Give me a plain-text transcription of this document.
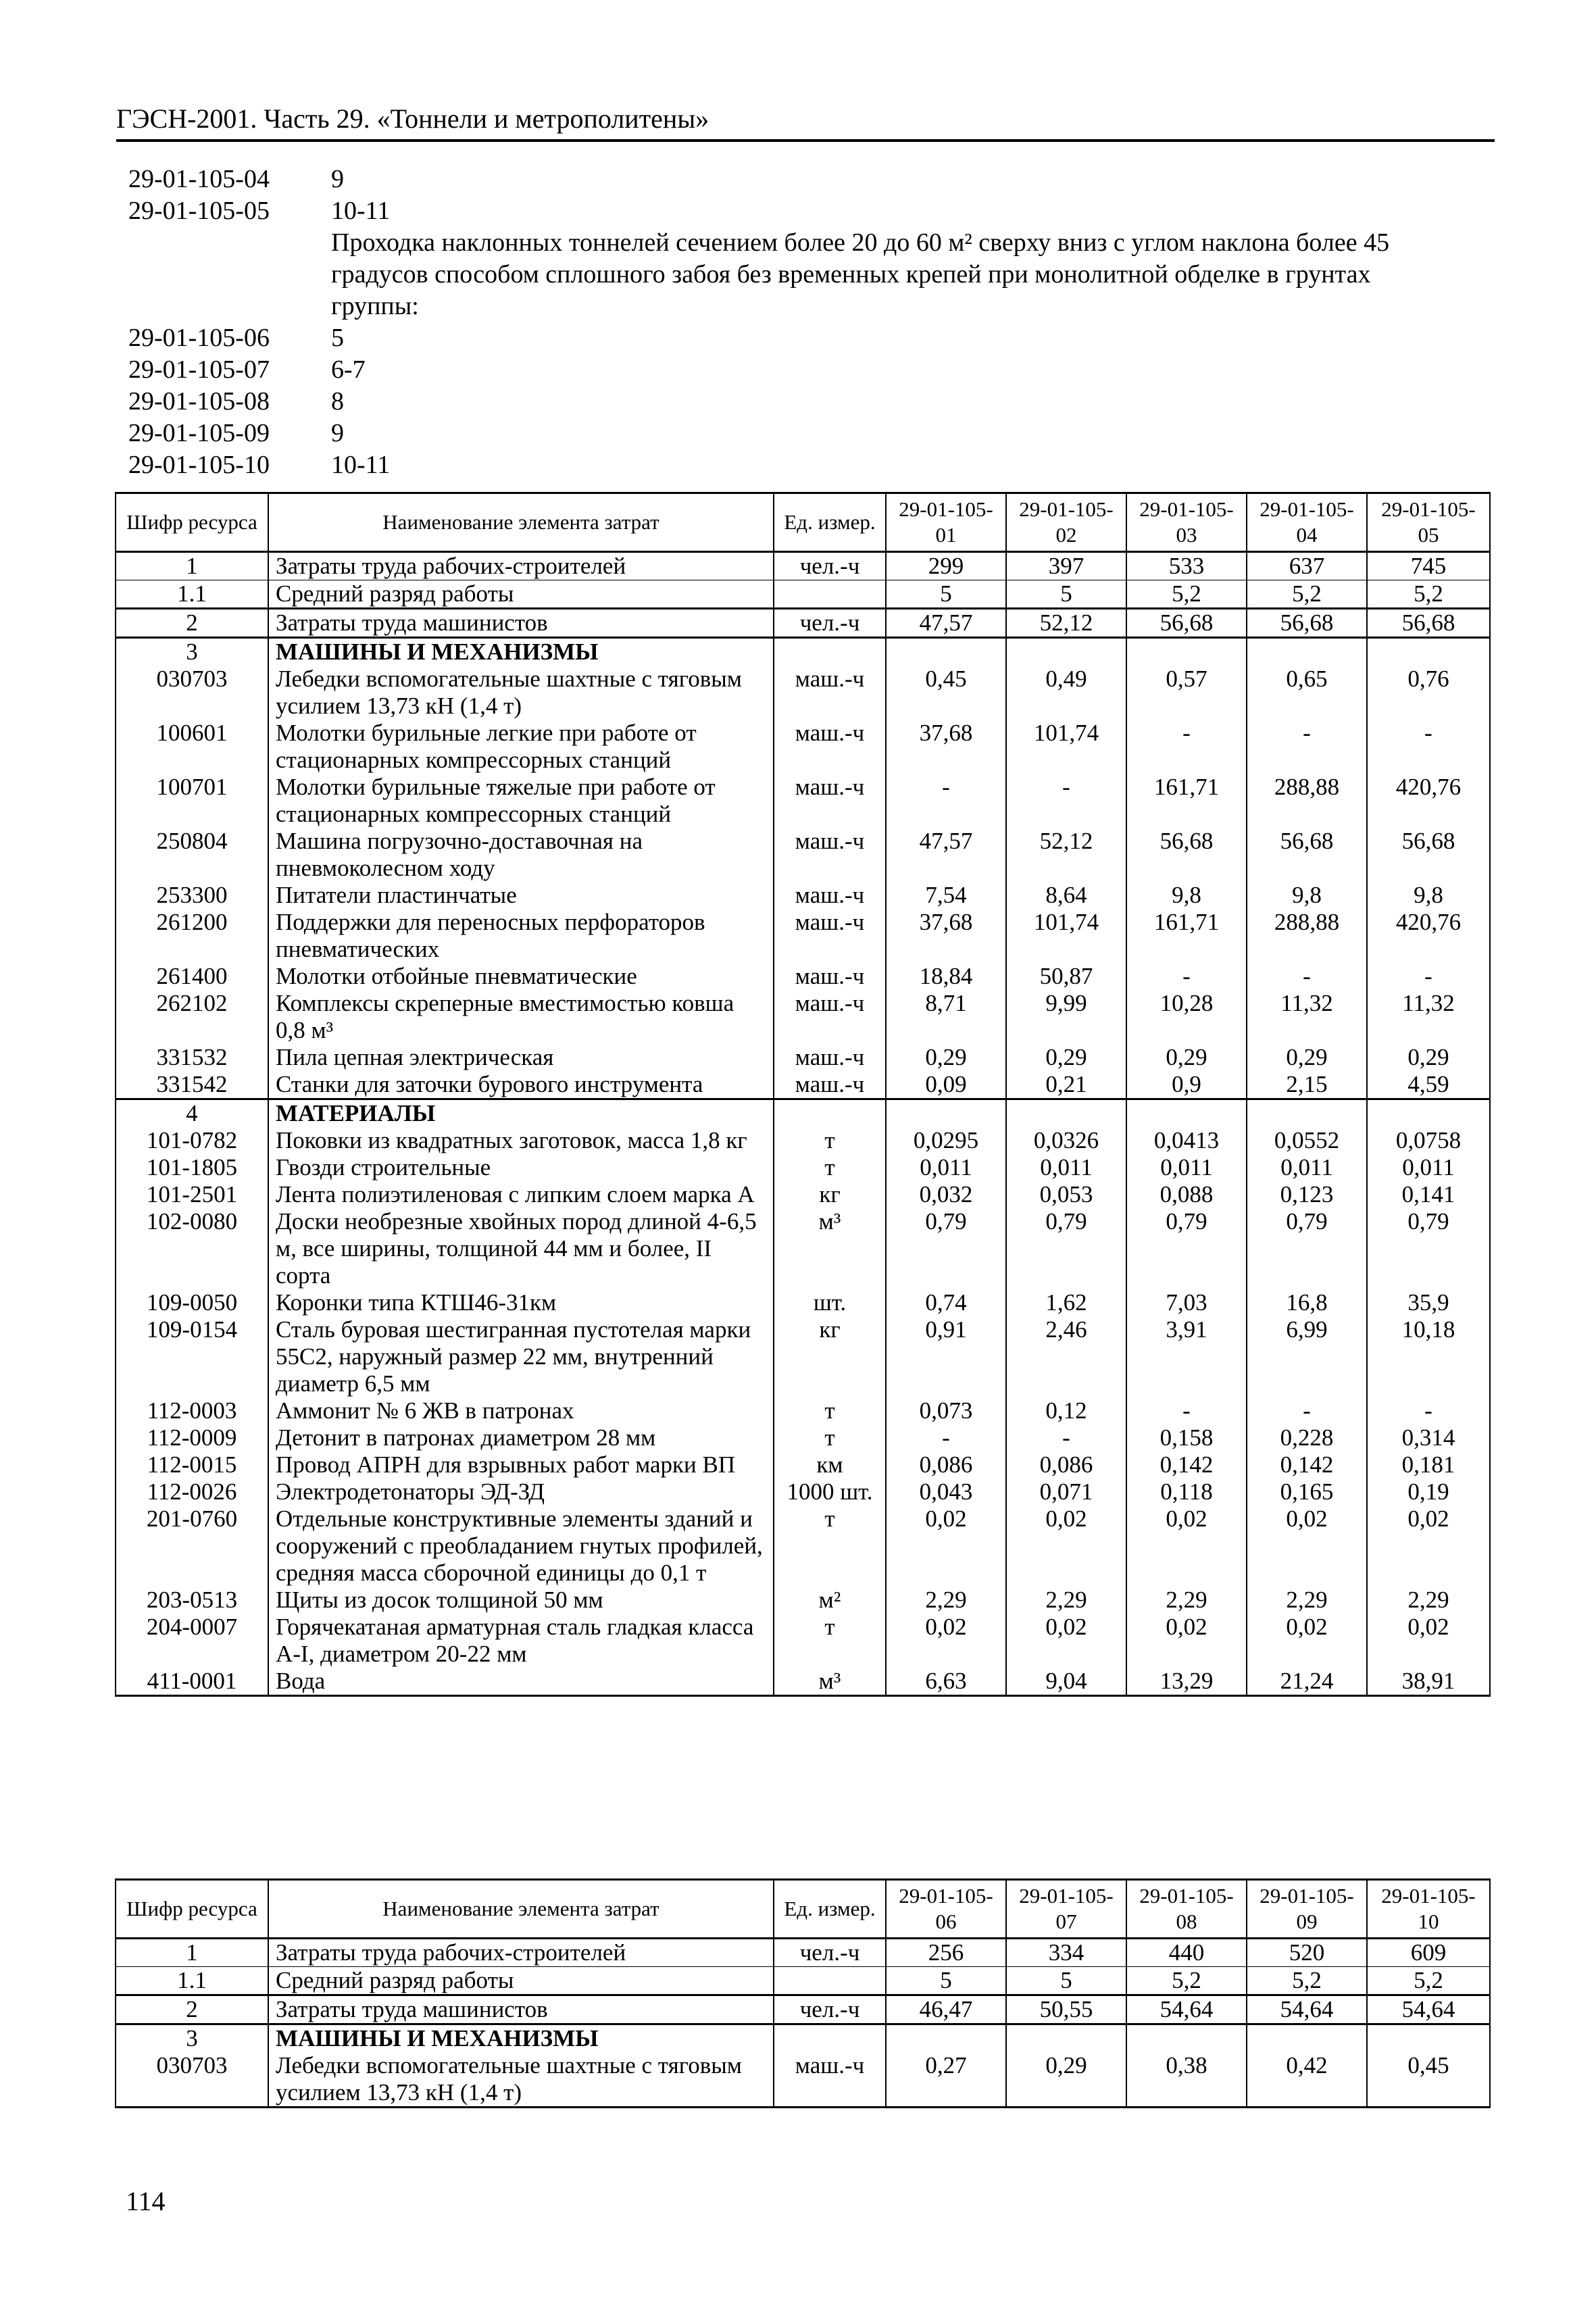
ГЭСН-2001. Часть 29. «Тоннели и метрополитены»
29-01-105-04	9
29-01-105-05	10-11
Проходка наклонных тоннелей сечением более 20 до 60 м² сверху вниз с углом наклона более 45 градусов способом сплошного забоя без временных крепей при монолитной обделке в грунтах группы:
29-01-105-06	5
29-01-105-07	6-7
29-01-105-08	8
29-01-105-09	9
29-01-105-10	10-11
Шифр ресурса	Наименование элемента затрат	Ед. измер.	29-01-105-01	29-01-105-02	29-01-105-03	29-01-105-04	29-01-105-05
1	Затраты труда рабочих-строителей	чел.-ч	299	397	533	637	745
1.1	Средний разряд работы		5	5	5,2	5,2	5,2
2	Затраты труда машинистов	чел.-ч	47,57	52,12	56,68	56,68	56,68
3	МАШИНЫ И МЕХАНИЗМЫ						
030703	Лебедки вспомогательные шахтные с тяговым усилием 13,73 кН (1,4 т)	маш.-ч	0,45	0,49	0,57	0,65	0,76
100601	Молотки бурильные легкие при работе от стационарных компрессорных станций	маш.-ч	37,68	101,74	-	-	-
100701	Молотки бурильные тяжелые при работе от стационарных компрессорных станций	маш.-ч	-	-	161,71	288,88	420,76
250804	Машина погрузочно-доставочная на пневмоколесном ходу	маш.-ч	47,57	52,12	56,68	56,68	56,68
253300	Питатели пластинчатые	маш.-ч	7,54	8,64	9,8	9,8	9,8
261200	Поддержки для переносных перфораторов пневматических	маш.-ч	37,68	101,74	161,71	288,88	420,76
261400	Молотки отбойные пневматические	маш.-ч	18,84	50,87	-	-	-
262102	Комплексы скреперные вместимостью ковша 0,8 м³	маш.-ч	8,71	9,99	10,28	11,32	11,32
331532	Пила цепная электрическая	маш.-ч	0,29	0,29	0,29	0,29	0,29
331542	Станки для заточки бурового инструмента	маш.-ч	0,09	0,21	0,9	2,15	4,59
4	МАТЕРИАЛЫ						
101-0782	Поковки из квадратных заготовок, масса 1,8 кг	т	0,0295	0,0326	0,0413	0,0552	0,0758
101-1805	Гвозди строительные	т	0,011	0,011	0,011	0,011	0,011
101-2501	Лента полиэтиленовая с липким слоем марка А	кг	0,032	0,053	0,088	0,123	0,141
102-0080	Доски необрезные хвойных пород длиной 4-6,5 м, все ширины, толщиной 44 мм и более, II сорта	м³	0,79	0,79	0,79	0,79	0,79
109-0050	Коронки типа КТШ46-31км	шт.	0,74	1,62	7,03	16,8	35,9
109-0154	Сталь буровая шестигранная пустотелая марки 55С2, наружный размер 22 мм, внутренний диаметр 6,5 мм	кг	0,91	2,46	3,91	6,99	10,18
112-0003	Аммонит № 6 ЖВ в патронах	т	0,073	0,12	-	-	-
112-0009	Детонит в патронах диаметром 28 мм	т	-	-	0,158	0,228	0,314
112-0015	Провод АПРН для взрывных работ марки ВП	км	0,086	0,086	0,142	0,142	0,181
112-0026	Электродетонаторы ЭД-ЗД	1000 шт.	0,043	0,071	0,118	0,165	0,19
201-0760	Отдельные конструктивные элементы зданий и сооружений с преобладанием гнутых профилей, средняя масса сборочной единицы до 0,1 т	т	0,02	0,02	0,02	0,02	0,02
203-0513	Щиты из досок толщиной 50 мм	м²	2,29	2,29	2,29	2,29	2,29
204-0007	Горячекатаная арматурная сталь гладкая класса А-I, диаметром 20-22 мм	т	0,02	0,02	0,02	0,02	0,02
411-0001	Вода	м³	6,63	9,04	13,29	21,24	38,91
Шифр ресурса	Наименование элемента затрат	Ед. измер.	29-01-105-06	29-01-105-07	29-01-105-08	29-01-105-09	29-01-105-10
1	Затраты труда рабочих-строителей	чел.-ч	256	334	440	520	609
1.1	Средний разряд работы		5	5	5,2	5,2	5,2
2	Затраты труда машинистов	чел.-ч	46,47	50,55	54,64	54,64	54,64
3	МАШИНЫ И МЕХАНИЗМЫ						
030703	Лебедки вспомогательные шахтные с тяговым усилием 13,73 кН (1,4 т)	маш.-ч	0,27	0,29	0,38	0,42	0,45
114
